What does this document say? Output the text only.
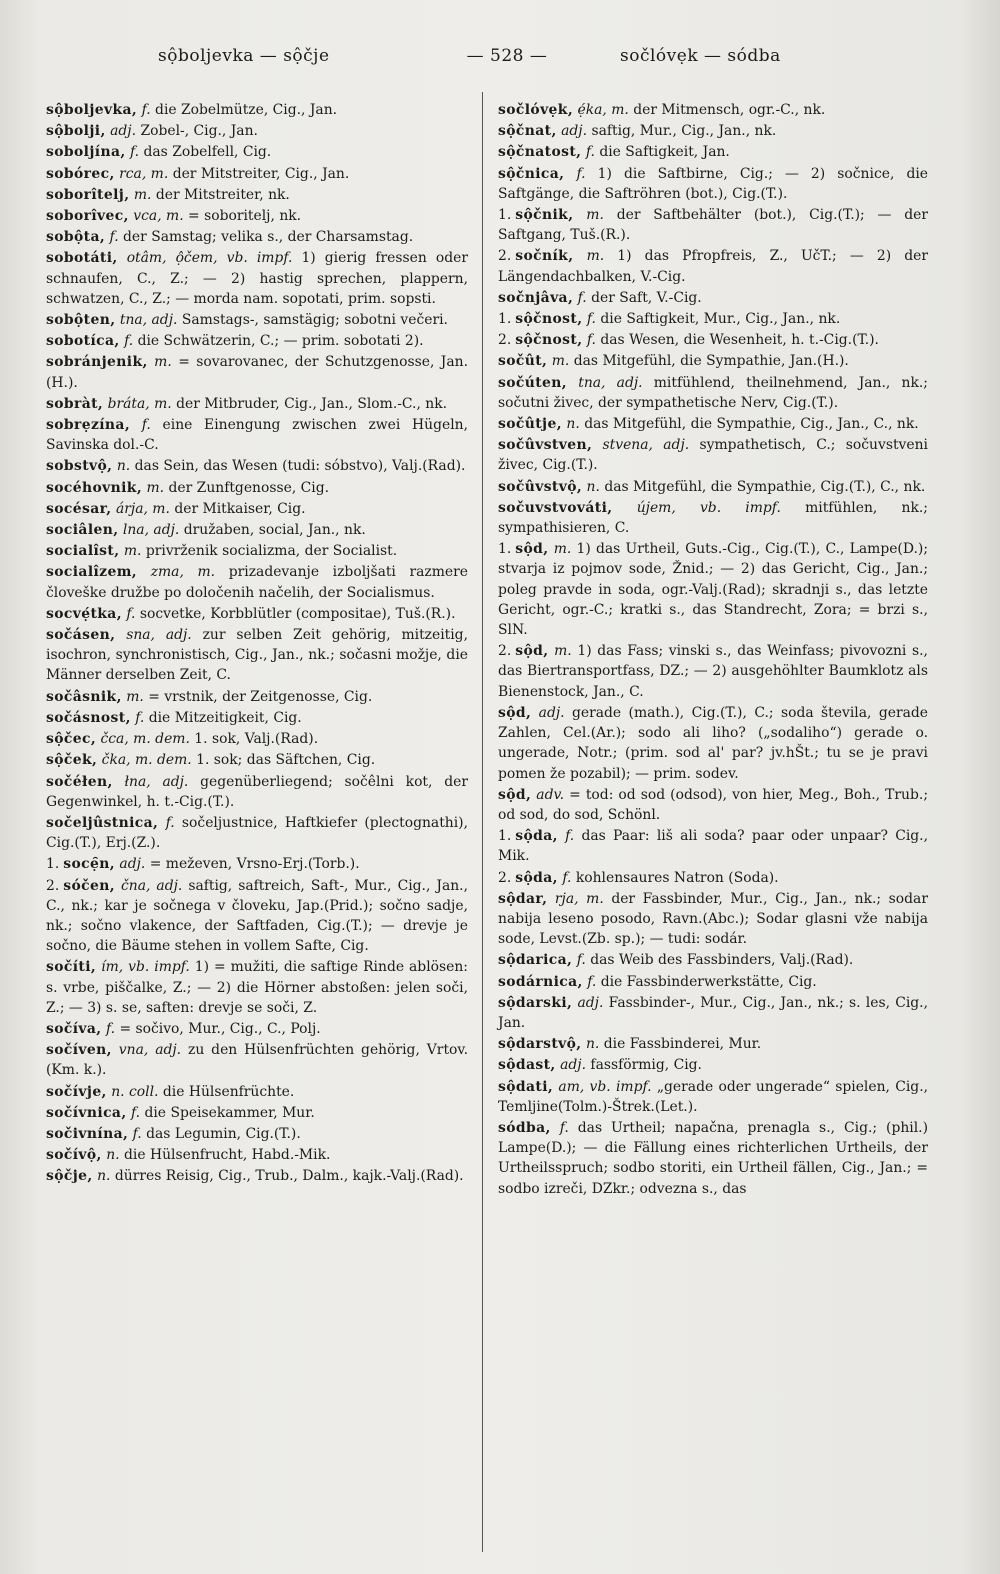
sộboljevka — sộčje	— 528 —	sočlóvẹk — sódba

sộboljevka, f. die Zobelmütze, Cig., Jan.

sộbolji, adj. Zobel-, Cig., Jan.

soboljína, f. das Zobelfell, Cig.

sobórec, rca, m. der Mitstreiter, Cig., Jan.

soborîtelj, m. der Mitstreiter, nk.

soborîvec, vca, m. = soboritelj, nk.

sobộta, f. der Samstag; velika s., der Charsamstag.

sobotáti, otâm, ộčem, vb. impf. 1) gierig fressen oder schnaufen, C., Z.; — 2) hastig sprechen, plappern, schwatzen, C., Z.; — morda nam. sopotati, prim. sopsti.

sobộten, tna, adj. Samstags-, samstägig; sobotni večeri.

sobotíca, f. die Schwätzerin, C.; — prim. sobotati 2).

sobránjenik, m. = sovarovanec, der Schutzgenosse, Jan.(H.).

sobràt, bráta, m. der Mitbruder, Cig., Jan., Slom.-C., nk.

sobrẹzína, f. eine Einengung zwischen zwei Hügeln, Savinska dol.-C.

sobstvộ, n. das Sein, das Wesen (tudi: sóbstvo), Valj.(Rad).

socéhovnik, m. der Zunftgenosse, Cig.

socésar, árja, m. der Mitkaiser, Cig.

sociâlen, lna, adj. družaben, social, Jan., nk.

socialîst, m. privrženik socializma, der Socialist.

socialîzem, zma, m. prizadevanje izboljšati razmere človeške družbe po določenih načelih, der Socialismus.

socvẹ́tka, f. socvetke, Korbblütler (compositae), Tuš.(R.).

sočásen, sna, adj. zur selben Zeit gehörig, mitzeitig, isochron, synchronistisch, Cig., Jan., nk.; sočasni možje, die Männer derselben Zeit, C.

sočâsnik, m. = vrstnik, der Zeitgenosse, Cig.

sočásnost, f. die Mitzeitigkeit, Cig.

sộčec, čca, m. dem. 1. sok, Valj.(Rad).

sộček, čka, m. dem. 1. sok; das Säftchen, Cig.

sočéłen, łna, adj. gegenüberliegend; sočêlni kot, der Gegenwinkel, h. t.-Cig.(T.).

sočeljûstnica, f. sočeljustnice, Haftkiefer (plectognathi), Cig.(T.), Erj.(Z.).

1. socẹ̑n, adj. = meževen, Vrsno-Erj.(Torb.).

2. sóčen, čna, adj. saftig, saftreich, Saft-, Mur., Cig., Jan., C., nk.; kar je sočnega v človeku, Jap.(Prid.); sočno sadje, nk.; sočno vlakence, der Saftfaden, Cig.(T.); — drevje je sočno, die Bäume stehen in vollem Safte, Cig.

sočíti, ím, vb. impf. 1) = mužiti, die saftige Rinde ablösen: s. vrbe, piščalke, Z.; — 2) die Hörner abstoßen: jelen soči, Z.; — 3) s. se, saften: drevje se soči, Z.

sočíva, f. = sočivo, Mur., Cig., C., Polj.

sočíven, vna, adj. zu den Hülsenfrüchten gehörig, Vrtov.(Km. k.).

sočívje, n. coll. die Hülsenfrüchte.

sočívnica, f. die Speisekammer, Mur.

sočivnína, f. das Legumin, Cig.(T.).

sočívộ, n. die Hülsenfrucht, Habd.-Mik.

sộčje, n. dürres Reisig, Cig., Trub., Dalm., kajk.-Valj.(Rad).

sočlóvẹk, ẹ́ka, m. der Mitmensch, ogr.-C., nk.

sộčnat, adj. saftig, Mur., Cig., Jan., nk.

sộčnatost, f. die Saftigkeit, Jan.

sộčnica, f. 1) die Saftbirne, Cig.; — 2) sočnice, die Saftgänge, die Saftröhren (bot.), Cig.(T.).

1. sộčnik, m. der Saftbehälter (bot.), Cig.(T.); — der Saftgang, Tuš.(R.).

2. sočník, m. 1) das Pfropfreis, Z., UčT.; — 2) der Längendachbalken, V.-Cig.

sočnjâva, f. der Saft, V.-Cig.

1. sộčnost, f. die Saftigkeit, Mur., Cig., Jan., nk.

2. sộčnost, f. das Wesen, die Wesenheit, h. t.-Cig.(T.).

sočût, m. das Mitgefühl, die Sympathie, Jan.(H.).

sočúten, tna, adj. mitfühlend, theilnehmend, Jan., nk.; sočutni živec, der sympathetische Nerv, Cig.(T.).

sočûtje, n. das Mitgefühl, die Sympathie, Cig., Jan., C., nk.

sočûvstven, stvena, adj. sympathetisch, C.; sočuvstveni živec, Cig.(T.).

sočûvstvộ, n. das Mitgefühl, die Sympathie, Cig.(T.), C., nk.

sočuvstvováti, újem, vb. impf. mitfühlen, nk.; sympathisieren, C.

1. sộd, m. 1) das Urtheil, Guts.-Cig., Cig.(T.), C., Lampe(D.); stvarja iz pojmov sode, Žnid.; — 2) das Gericht, Cig., Jan.; poleg pravde in soda, ogr.-Valj.(Rad); skradnji s., das letzte Gericht, ogr.-C.; kratki s., das Standrecht, Zora; = brzi s., SlN.

2. sộd, m. 1) das Fass; vinski s., das Weinfass; pivovozni s., das Biertransportfass, DZ.; — 2) ausgehöhlter Baumklotz als Bienenstock, Jan., C.

sộd, adj. gerade (math.), Cig.(T.), C.; soda števila, gerade Zahlen, Cel.(Ar.); sodo ali liho? („sodaliho“) gerade o. ungerade, Notr.; (prim. sod al' par? jv.hŠt.; tu se je pravi pomen že pozabil); — prim. sodev.

sộd, adv. = tod: od sod (odsod), von hier, Meg., Boh., Trub.; od sod, do sod, Schönl.

1. sộda, f. das Paar: liš ali soda? paar oder unpaar? Cig., Mik.

2. sộda, f. kohlensaures Natron (Soda).

sộdar, rja, m. der Fassbinder, Mur., Cig., Jan., nk.; sodar nabija leseno posodo, Ravn.(Abc.); Sodar glasni vže nabija sode, Levst.(Zb. sp.); — tudi: sodár.

sộdarica, f. das Weib des Fassbinders, Valj.(Rad).

sodárnica, f. die Fassbinderwerkstätte, Cig.

sộdarski, adj. Fassbinder-, Mur., Cig., Jan., nk.; s. les, Cig., Jan.

sộdarstvộ, n. die Fassbinderei, Mur.

sộdast, adj. fassförmig, Cig.

sộdati, am, vb. impf. „gerade oder ungerade“ spielen, Cig., Temljine(Tolm.)-Štrek.(Let.).

sódba, f. das Urtheil; napačna, prenagla s., Cig.; (phil.) Lampe(D.); — die Fällung eines richterlichen Urtheils, der Urtheilsspruch; sodbo storiti, ein Urtheil fällen, Cig., Jan.; = sodbo izreči, DZkr.; odvezna s., das
